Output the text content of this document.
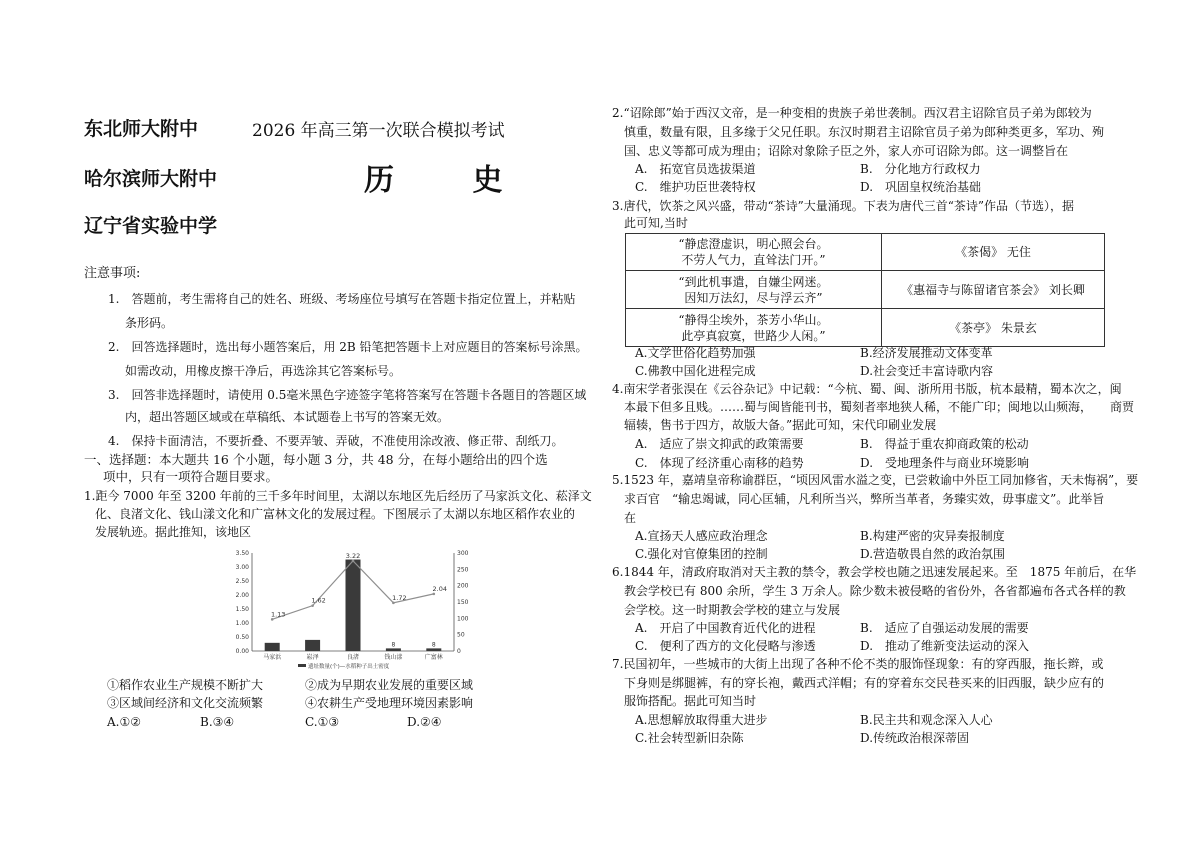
东北师大附中	2026 年高三第一次联合模拟考试
哈尔滨师大附中	历 史
辽宁省实验中学
注意事项:
1.　答题前，考生需将自己的姓名、班级、考场座位号填写在答题卡指定位置上，并粘贴
条形码。
2.　回答选择题时，选出每小题答案后，用 2B 铅笔把答题卡上对应题目的答案标号涂黑。
如需改动，用橡皮擦干净后，再选涂其它答案标号。
3.　回答非选择题时，请使用 0.5毫米黑色字迹签字笔将答案写在答题卡各题目的答题区域
内，超出答题区域或在草稿纸、本试题卷上书写的答案无效。
4.　保持卡面清洁，不要折叠、不要弄皱、弄破，不准使用涂改液、修正带、刮纸刀。
一、选择题：本大题共 16 个小题，每小题 3 分，共 48 分，在每小题给出的四个选
项中，只有一项符合题目要求。
1.距今 7000 年至 3200 年前的三千多年时间里，太湖以东地区先后经历了马家浜文化、菘泽文
化、良渚文化、钱山漾文化和广富林文化的发展过程。下图展示了太湖以东地区稻作农业的
发展轨迹。据此推知，该地区
3.50
3.00
2.50
2.00
1.50
1.00
0.50
0.00
300
250
200
150
100
50
0
8	8
1.13
1.62
3.22
1.72
2.04
马家浜	崧泽	良渚	钱山漾	广富林
遗址数量(个)—水稻种子出土密度
①稻作农业生产规模不断扩大	②成为早期农业发展的重要区域
③区域间经济和文化交流频繁	④农耕生产受地理环境因素影响
A.①②	B.③④	C.①③	D.②④
2.“诏除郎”始于西汉文帝，是一种变相的贵族子弟世袭制。西汉君主诏除官员子弟为郎较为
慎重，数量有限，且多缘于父兄任职。东汉时期君主诏除官员子弟为郎种类更多，军功、殉
国、忠义等都可成为理由；诏除对象除子臣之外，家人亦可诏除为郎。这一调整旨在
A.　拓宽官员选拔渠道	B.　分化地方行政权力
C.　维护功臣世袭特权	D.　巩固皇权统治基础
3.唐代，饮茶之风兴盛，带动“茶诗”大量涌现。下表为唐代三首“茶诗”作品（节选），据
此可知,当时
“静虑澄虚识，明心照会台。
不劳人气力，直耸法门开。”	《茶偈》 无住

“到此机事遣，自嫌尘网迷。
因知万法幻，尽与浮云齐”	《惠福寺与陈留诸官茶会》 刘长卿

“静得尘埃外，茶芳小华山。
此亭真寂寞，世路少人闲。”	《茶亭》 朱景玄
A.文学世俗化趋势加强	B.经济发展推动文体变革
C.佛教中国化进程完成	D.社会变迁丰富诗歌内容
4.南宋学者张淏在《云谷杂记》中记载：“今杭、蜀、闽、浙所用书版，杭本最精，蜀本次之，闽
本最下但多且贱。……蜀与闽皆能刊书，蜀刻者率地狭人稀，不能广印；闽地以山频海，　　商贾
辐辏，售书于四方，故版大备。”据此可知，宋代印刷业发展
A.　适应了崇文抑武的政策需要	B.　得益于重农抑商政策的松动
C.　体现了经济重心南移的趋势	D.　受地理条件与商业环境影响
5.1523 年，嘉靖皇帝称谕群臣，“顷因风雷水溢之变，已尝敕谕中外臣工同加修省，天未悔祸”，要
求百官　“输忠竭诚，同心匡辅，凡利所当兴，弊所当革者，务臻实效，毋事虚文”。此举旨
在
A.宣扬天人感应政治理念	B.构建严密的灾异奏报制度
C.强化对官僚集团的控制	D.营造敬畏自然的政治氛围
6.1844 年，清政府取消对天主教的禁令，教会学校也随之迅速发展起来。至　1875 年前后，在华
教会学校已有 800 余所，学生 3 万余人。除少数未被侵略的省份外，各省都遍布各式各样的教
会学校。这一时期教会学校的建立与发展
A.　开启了中国教育近代化的进程	B.　适应了自强运动发展的需要
C.　便利了西方的文化侵略与渗透	D.　推动了维新变法运动的深入
7.民国初年，一些城市的大街上出现了各种不伦不类的服饰怪现象：有的穿西服，拖长辫，或
下身则是绑腿裤，有的穿长袍，戴西式洋帽；有的穿着东交民巷买来的旧西服，缺少应有的
服饰搭配。据此可知当时
A.思想解放取得重大进步	B.民主共和观念深入人心
C.社会转型新旧杂陈	D.传统政治根深蒂固
